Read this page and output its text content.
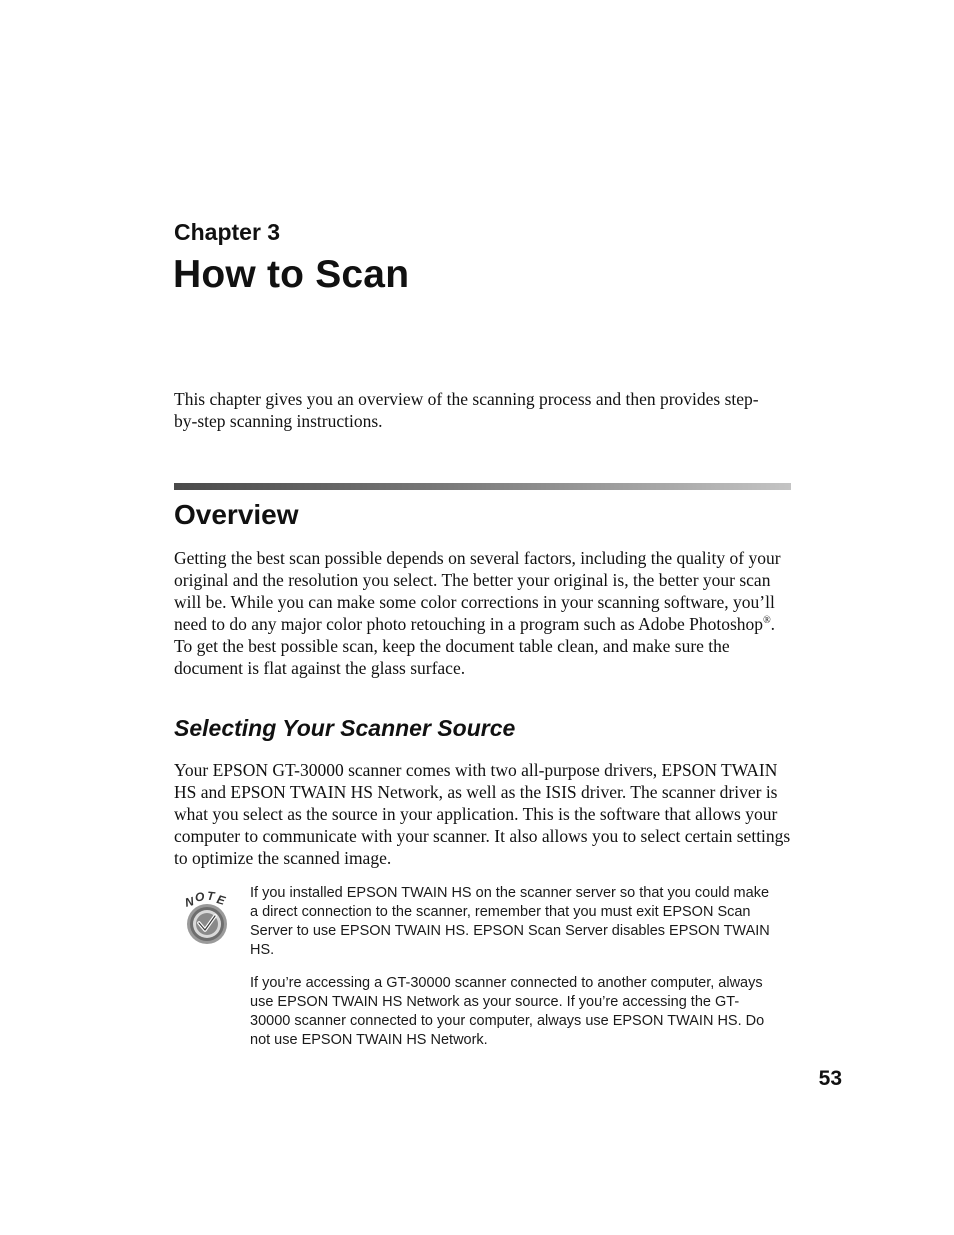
Chapter 3
How to Scan

This chapter gives you an overview of the scanning process and then provides step-by-step scanning instructions.

Overview

Getting the best scan possible depends on several factors, including the quality of your original and the resolution you select. The better your original is, the better your scan will be. While you can make some color corrections in your scanning software, you’ll need to do any major color photo retouching in a program such as Adobe Photoshop®. To get the best possible scan, keep the document table clean, and make sure the document is flat against the glass surface.

Selecting Your Scanner Source

Your EPSON GT-30000 scanner comes with two all-purpose drivers, EPSON TWAIN HS and EPSON TWAIN HS Network, as well as the ISIS driver. The scanner driver is what you select as the source in your application. This is the software that allows your computer to communicate with your scanner. It also allows you to select certain settings to optimize the scanned image.

N O T E If you installed EPSON TWAIN HS on the scanner server so that you could make a direct connection to the scanner, remember that you must exit EPSON Scan Server to use EPSON TWAIN HS. EPSON Scan Server disables EPSON TWAIN HS.

If you’re accessing a GT-30000 scanner connected to another computer, always use EPSON TWAIN HS Network as your source. If you’re accessing the GT-30000 scanner connected to your computer, always use EPSON TWAIN HS. Do not use EPSON TWAIN HS Network.

53
